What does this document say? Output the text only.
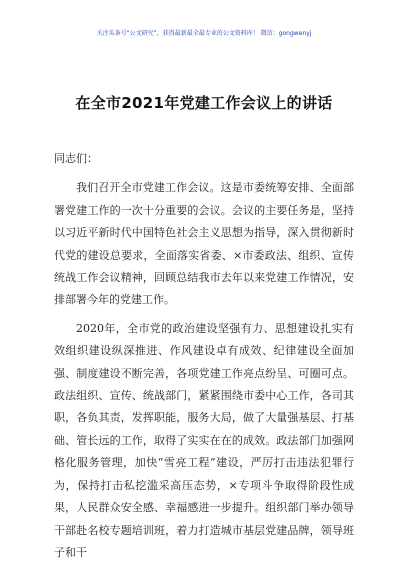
关注头条号“公文研究”，获得最新最全最专业的公文资料库！ 微信：gongwenyj
在全市2021年党建工作会议上的讲话

同志们：

我们召开全市党建工作会议。这是市委统筹安排、全面部署党建工作的一次十分重要的会议。会议的主要任务是，坚持以习近平新时代中国特色社会主义思想为指导，深入贯彻新时代党的建设总要求，全面落实省委、×市委政法、组织、宣传统战工作会议精神，回顾总结我市去年以来党建工作情况，安排部署今年的党建工作。

2020年，全市党的政治建设坚强有力、思想建设扎实有效组织建设纵深推进、作风建设卓有成效、纪律建设全面加强、制度建设不断完善，各项党建工作亮点纷呈、可圈可点。政法组织、宣传、统战部门，紧紧围绕市委中心工作，各司其职，各负其责，发挥职能，服务大局，做了大量强基层、打基础、管长远的工作，取得了实实在在的成效。政法部门加强网格化服务管理，加快“雪亮工程”建设，严厉打击违法犯罪行为，保持打击私挖滥采高压态势，×专项斗争取得阶段性成果，人民群众安全感、幸福感进一步提升。组织部门举办领导干部赴名校专题培训班，着力打造城市基层党建品牌，领导班子和干
